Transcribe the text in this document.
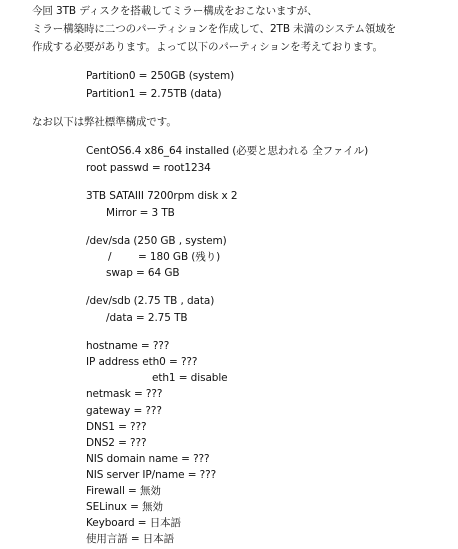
今回 3TB ディスクを搭載してミラー構成をおこないますが、
ミラー構築時に二つのパーティションを作成して、2TB 未満のシステム領域を
作成する必要があります。よって以下のパーティションを考えております。
Partition0 = 250GB (system)
Partition1 = 2.75TB (data)
なお以下は弊社標準構成です。
CentOS6.4 x86_64 installed (必要と思われる 全ファイル)
root passwd = root1234
3TB SATAIII 7200rpm disk x 2
Mirror = 3 TB
/dev/sda (250 GB , system)
/	= 180 GB (残り)
swap = 64 GB
/dev/sdb (2.75 TB , data)
/data = 2.75 TB
hostname = ???
IP address eth0 = ???
eth1 = disable
netmask = ???
gateway = ???
DNS1 = ???
DNS2 = ???
NIS domain name = ???
NIS server IP/name = ???
Firewall = 無効
SELinux = 無効
Keyboard = 日本語
使用言語 = 日本語
